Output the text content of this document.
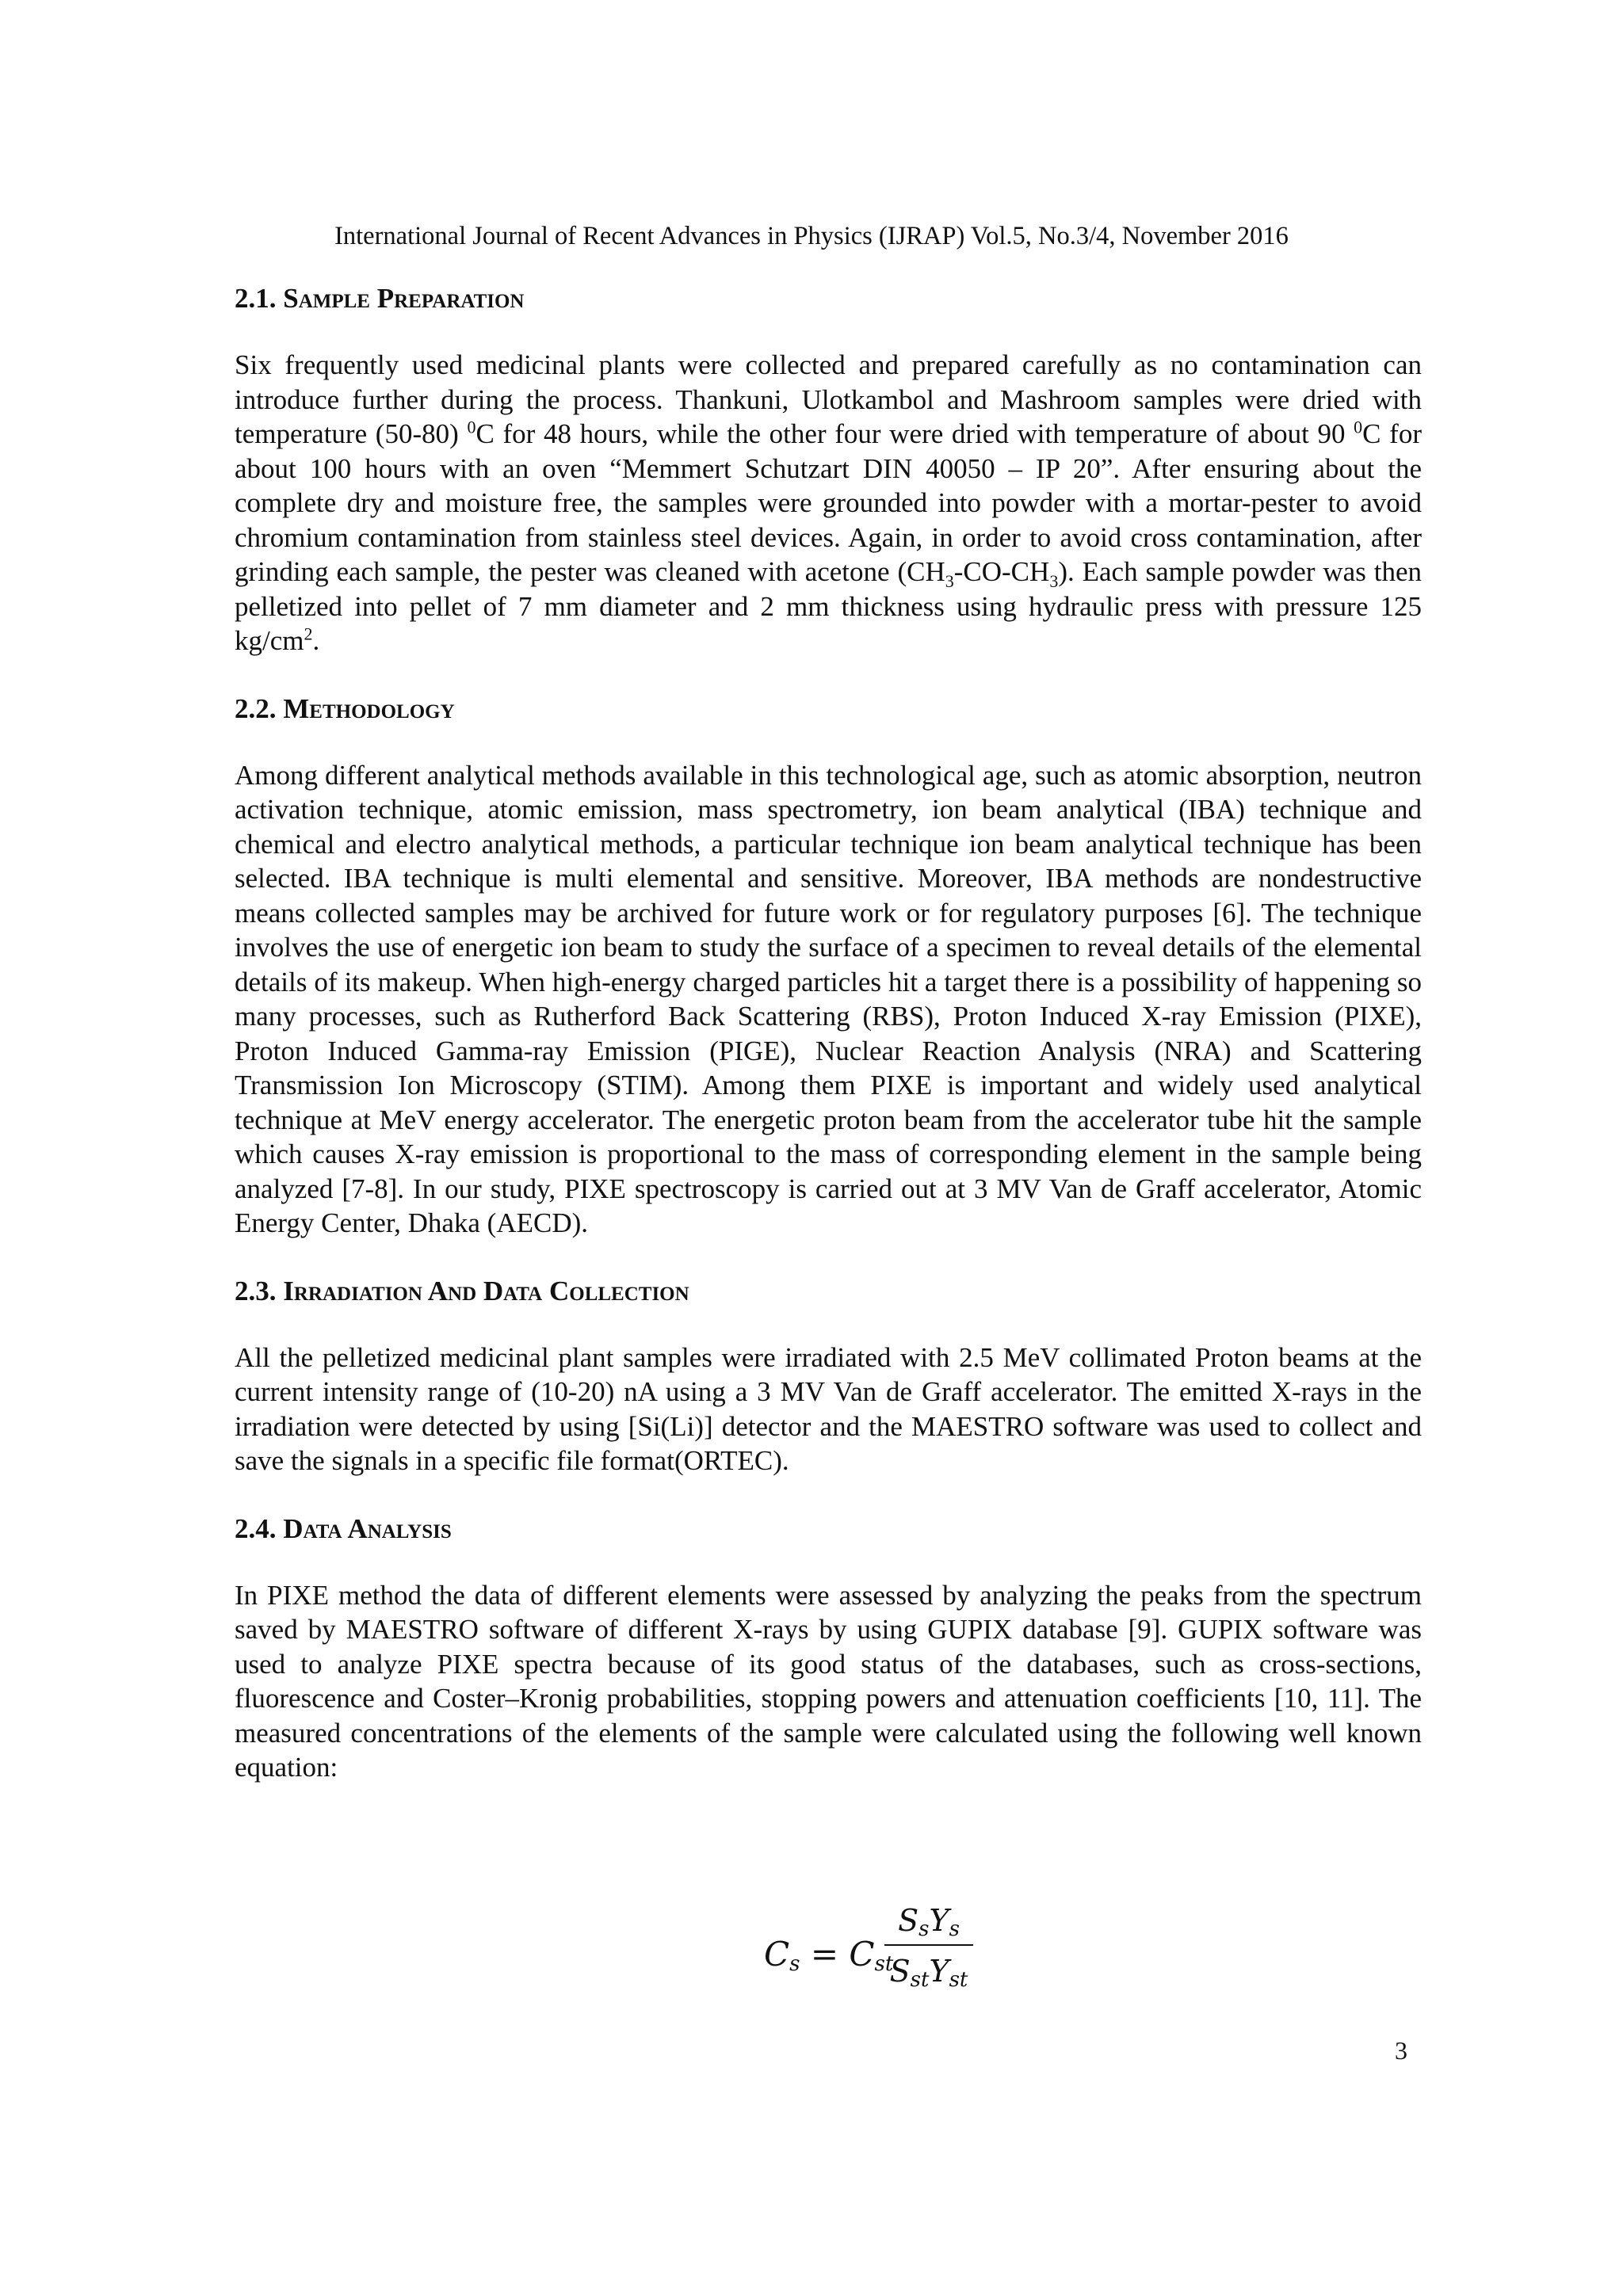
International Journal of Recent Advances in Physics (IJRAP) Vol.5, No.3/4, November 2016
2.1. Sample Preparation

Six frequently used medicinal plants were collected and prepared carefully as no contamination can introduce further during the process. Thankuni, Ulotkambol and Mashroom samples were dried with temperature (50-80) $^0$C for 48 hours, while the other four were dried with temperature of about 90 $^0$C for about 100 hours with an oven “Memmert Schutzart DIN 40050 – IP 20”. After ensuring about the complete dry and moisture free, the samples were grounded into powder with a mortar-pester to avoid chromium contamination from stainless steel devices. Again, in order to avoid cross contamination, after grinding each sample, the pester was cleaned with acetone $(CH_3-CO-CH_3)$. Each sample powder was then pelletized into pellet of 7 mm diameter and 2 mm thickness using hydraulic press with pressure 125 $kg/cm^2$.

2.2. Methodology

Among different analytical methods available in this technological age, such as atomic absorption, neutron activation technique, atomic emission, mass spectrometry, ion beam analytical (IBA) technique and chemical and electro analytical methods, a particular technique ion beam analytical technique has been selected. IBA technique is multi elemental and sensitive. Moreover, IBA methods are nondestructive means collected samples may be archived for future work or for regulatory purposes [6]. The technique involves the use of energetic ion beam to study the surface of a specimen to reveal details of the elemental details of its makeup. When high-energy charged particles hit a target there is a possibility of happening so many processes, such as Rutherford Back Scattering (RBS), Proton Induced X-ray Emission (PIXE), Proton Induced Gamma-ray Emission (PIGE), Nuclear Reaction Analysis (NRA) and Scattering Transmission Ion Microscopy (STIM). Among them PIXE is important and widely used analytical technique at MeV energy accelerator. The energetic proton beam from the accelerator tube hit the sample which causes X-ray emission is proportional to the mass of corresponding element in the sample being analyzed [7-8]. In our study, PIXE spectroscopy is carried out at 3 MV Van de Graff accelerator, Atomic Energy Center, Dhaka (AECD).

2.3. Irradiation And Data Collection

All the pelletized medicinal plant samples were irradiated with 2.5 MeV collimated Proton beams at the current intensity range of (10-20) nA using a 3 MV Van de Graff accelerator. The emitted X-rays in the irradiation were detected by using [Si(Li)] detector and the MAESTRO software was used to collect and save the signals in a specific file format(ORTEC).

2.4. Data Analysis

In PIXE method the data of different elements were assessed by analyzing the peaks from the spectrum saved by MAESTRO software of different X-rays by using GUPIX database [9]. GUPIX software was used to analyze PIXE spectra because of its good status of the databases, such as cross-sections, fluorescence and Coster–Kronig probabilities, stopping powers and attenuation coefficients [10, 11]. The measured concentrations of the elements of the sample were calculated using the following well known equation:

$C_s = C_{st}$
$S_sY_s$
$S_{st}Y_{st}$
3
